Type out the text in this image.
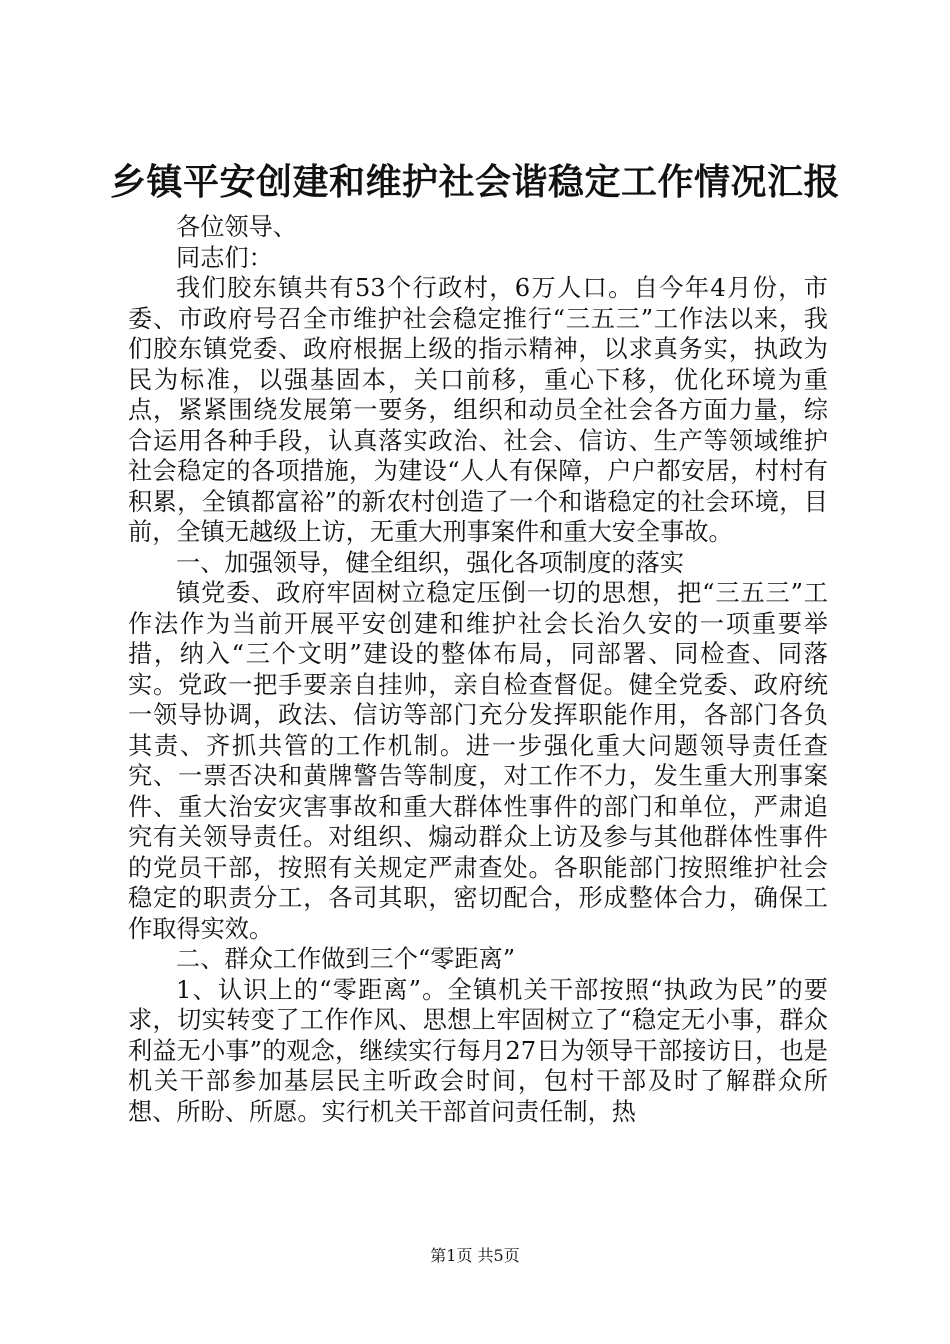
乡镇平安创建和维护社会谐稳定工作情况汇报

各位领导、

同志们：

我们胶东镇共有53个行政村，6万人口。自今年4月份，市委、市政府号召全市维护社会稳定推行“三五三”工作法以来，我们胶东镇党委、政府根据上级的指示精神，以求真务实，执政为民为标准，以强基固本，关口前移，重心下移，优化环境为重点，紧紧围绕发展第一要务，组织和动员全社会各方面力量，综合运用各种手段，认真落实政治、社会、信访、生产等领域维护社会稳定的各项措施，为建设“人人有保障，户户都安居，村村有积累，全镇都富裕”的新农村创造了一个和谐稳定的社会环境，目前，全镇无越级上访，无重大刑事案件和重大安全事故。

一、加强领导，健全组织，强化各项制度的落实

镇党委、政府牢固树立稳定压倒一切的思想，把“三五三”工作法作为当前开展平安创建和维护社会长治久安的一项重要举措，纳入“三个文明”建设的整体布局，同部署、同检查、同落实。党政一把手要亲自挂帅，亲自检查督促。健全党委、政府统一领导协调，政法、信访等部门充分发挥职能作用，各部门各负其责、齐抓共管的工作机制。进一步强化重大问题领导责任查究、一票否决和黄牌警告等制度，对工作不力，发生重大刑事案件、重大治安灾害事故和重大群体性事件的部门和单位，严肃追究有关领导责任。对组织、煽动群众上访及参与其他群体性事件的党员干部，按照有关规定严肃查处。各职能部门按照维护社会稳定的职责分工，各司其职，密切配合，形成整体合力，确保工作取得实效。

二、群众工作做到三个“零距离”

1、认识上的“零距离”。全镇机关干部按照“执政为民”的要求，切实转变了工作作风、思想上牢固树立了“稳定无小事，群众利益无小事”的观念，继续实行每月27日为领导干部接访日，也是机关干部参加基层民主听政会时间，包村干部及时了解群众所想、所盼、所愿。实行机关干部首问责任制，热

第1页 共5页
